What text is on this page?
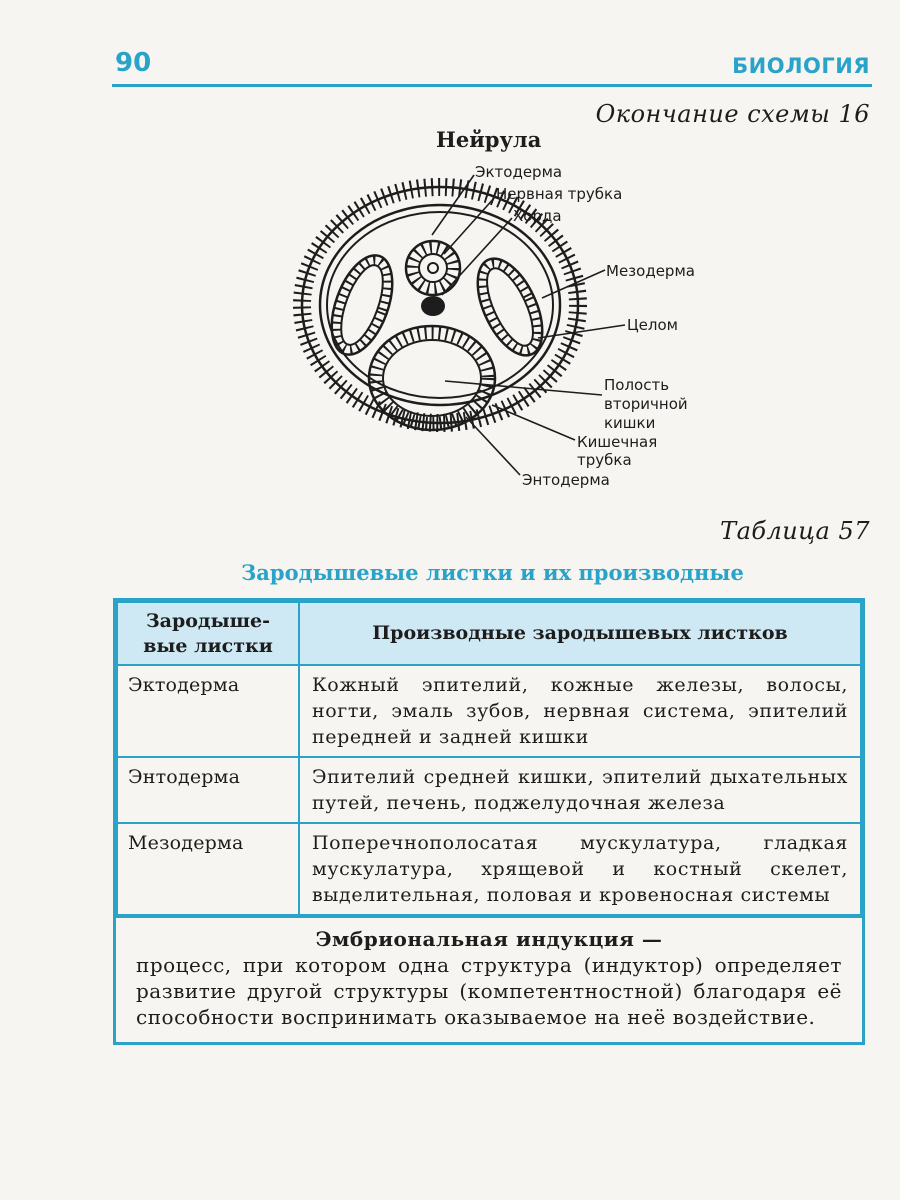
90	БИОЛОГИЯ
Окончание схемы 16
Нейрула
Эктодерма
Нервная трубка
Хорда
Мезодерма
Целом
Полость
вторичной
кишки
Кишечная
трубка
Энтодерма
Таблица 57
Зародышевые листки и их производные
Зародыше-
вые листки	Производные зародышевых листков
Эктодерма	Кожный эпителий, кожные железы, волосы, ногти, эмаль зубов, нервная система, эпителий передней и задней кишки
Энтодерма	Эпителий средней кишки, эпителий дыхательных путей, печень, поджелудочная железа
Мезодерма	Поперечнополосатая мускулатура, гладкая мускулатура, хрящевой и костный скелет, выделительная, половая и кровеносная системы
Эмбриональная индукция —
процесс, при котором одна структура (индуктор) определяет развитие другой структуры (компетентностной) благодаря её способности воспринимать оказываемое на неё воздействие.
